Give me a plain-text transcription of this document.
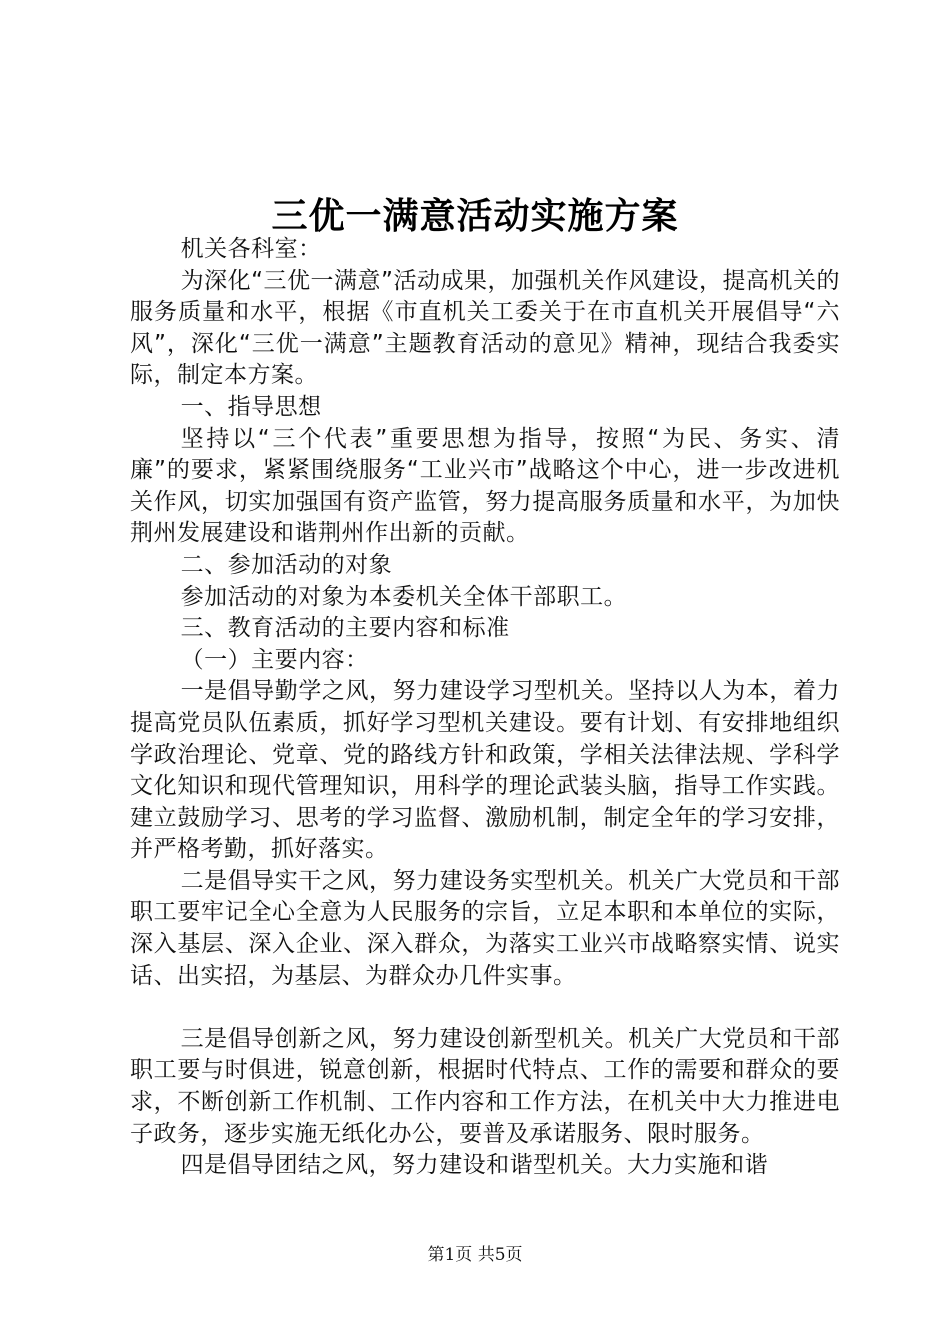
三优一满意活动实施方案

机关各科室：

为深化“三优一满意”活动成果，加强机关作风建设，提高机关的服务质量和水平，根据《市直机关工委关于在市直机关开展倡导“六风”，深化“三优一满意”主题教育活动的意见》精神，现结合我委实际，制定本方案。

一、指导思想

坚持以“三个代表”重要思想为指导，按照“为民、务实、清廉”的要求，紧紧围绕服务“工业兴市”战略这个中心，进一步改进机关作风，切实加强国有资产监管，努力提高服务质量和水平，为加快荆州发展建设和谐荆州作出新的贡献。

二、参加活动的对象

参加活动的对象为本委机关全体干部职工。

三、教育活动的主要内容和标准

（一）主要内容：

一是倡导勤学之风，努力建设学习型机关。坚持以人为本，着力提高党员队伍素质，抓好学习型机关建设。要有计划、有安排地组织学政治理论、党章、党的路线方针和政策，学相关法律法规、学科学文化知识和现代管理知识，用科学的理论武装头脑，指导工作实践。建立鼓励学习、思考的学习监督、激励机制，制定全年的学习安排，并严格考勤，抓好落实。

二是倡导实干之风，努力建设务实型机关。机关广大党员和干部职工要牢记全心全意为人民服务的宗旨，立足本职和本单位的实际，深入基层、深入企业、深入群众，为落实工业兴市战略察实情、说实话、出实招，为基层、为群众办几件实事。

三是倡导创新之风，努力建设创新型机关。机关广大党员和干部职工要与时俱进，锐意创新，根据时代特点、工作的需要和群众的要求，不断创新工作机制、工作内容和工作方法，在机关中大力推进电子政务，逐步实施无纸化办公，要普及承诺服务、限时服务。

四是倡导团结之风，努力建设和谐型机关。大力实施和谐

第1页 共5页
